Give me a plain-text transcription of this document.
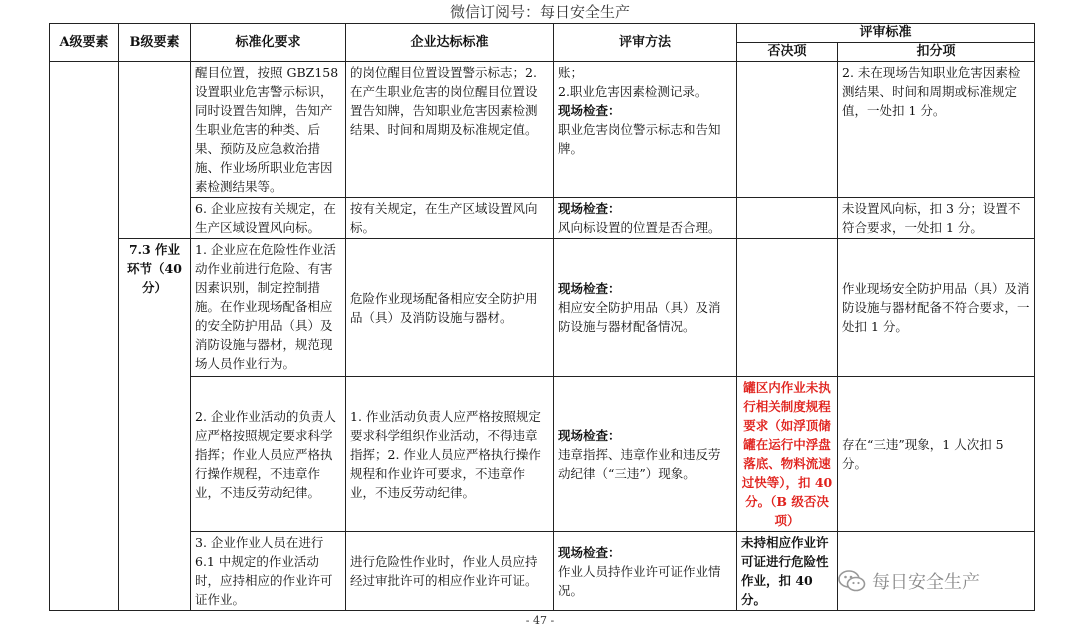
微信订阅号：每日安全生产
A级要素	B级要素	标准化要求	企业达标标准	评审方法	评审标准	
					否决项	扣分项
		醒目位置，按照 GBZ158设置职业危害警示标识，同时设置告知牌，告知产生职业危害的种类、后果、预防及应急救治措施、作业场所职业危害因素检测结果等。	的岗位醒目位置设置警示标志；2.在产生职业危害的岗位醒目位置设置告知牌，告知职业危害因素检测结果、时间和周期及标准规定值。	账；
2.职业危害因素检测记录。
现场检查：
职业危害岗位警示标志和告知牌。		2. 未在现场告知职业危害因素检测结果、时间和周期或标准规定值，一处扣 1 分。
		6. 企业应按有关规定，在生产区域设置风向标。	按有关规定，在生产区域设置风向标。	现场检查：
风向标设置的位置是否合理。		未设置风向标，扣 3 分；设置不符合要求，一处扣 1 分。
	7.3 作业环节（40分）	1. 企业应在危险性作业活动作业前进行危险、有害因素识别，制定控制措施。在作业现场配备相应的安全防护用品（具）及消防设施与器材，规范现场人员作业行为。	危险作业现场配备相应安全防护用品（具）及消防设施与器材。	现场检查：
相应安全防护用品（具）及消防设施与器材配备情况。		作业现场安全防护用品（具）及消防设施与器材配备不符合要求，一处扣 1 分。
		2. 企业作业活动的负责人应严格按照规定要求科学指挥；作业人员应严格执行操作规程，不违章作业，不违反劳动纪律。	1. 作业活动负责人应严格按照规定要求科学组织作业活动，不得违章指挥；2. 作业人员应严格执行操作规程和作业许可要求，不违章作业，不违反劳动纪律。	现场检查：
违章指挥、违章作业和违反劳动纪律（“三违”）现象。	罐区内作业未执行相关制度规程要求（如浮顶储罐在运行中浮盘落底、物料流速过快等），扣 40 分。（B 级否决项）	存在“三违”现象，1 人次扣 5 分。
		3. 企业作业人员在进行 6.1 中规定的作业活动时，应持相应的作业许可证作业。	进行危险性作业时，作业人员应持经过审批许可的相应作业许可证。	现场检查：
作业人员持作业许可证作业情况。	未持相应作业许可证进行危险性作业，扣 40 分。	
每日安全生产
- 47 -
